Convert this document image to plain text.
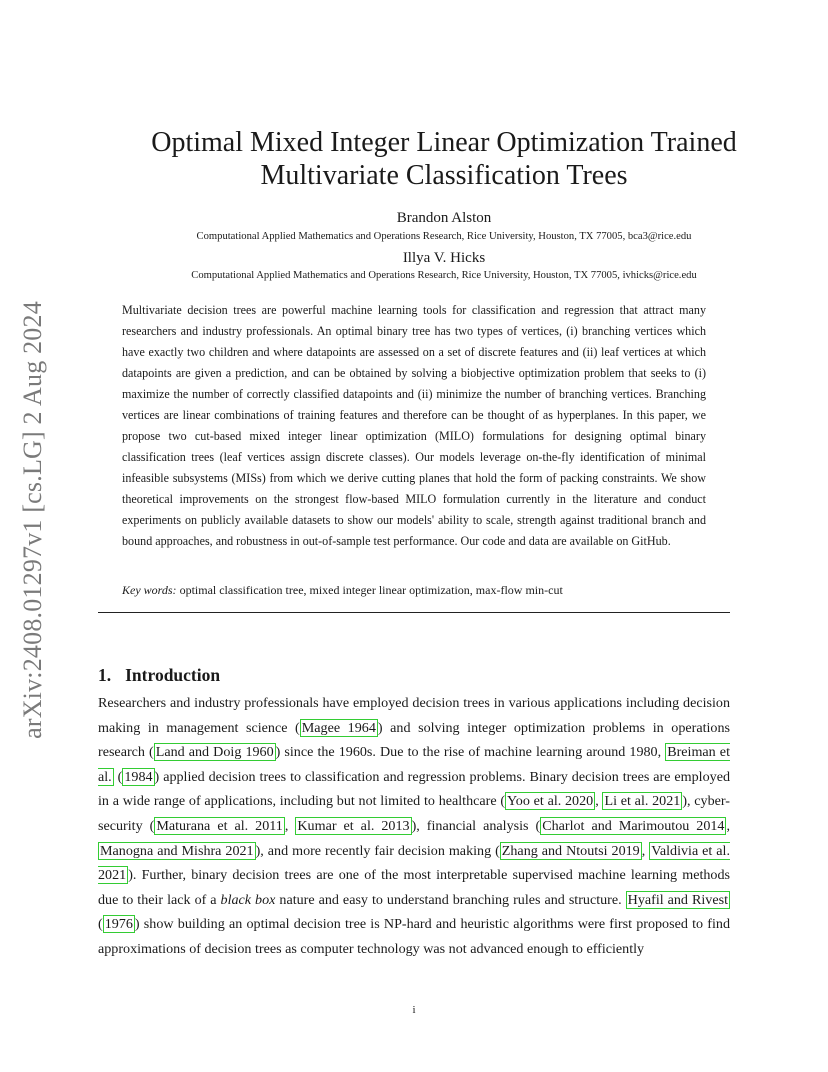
arXiv:2408.01297v1 [cs.LG] 2 Aug 2024
Optimal Mixed Integer Linear Optimization Trained
Multivariate Classification Trees
Brandon Alston
Computational Applied Mathematics and Operations Research, Rice University, Houston, TX 77005, bca3@rice.edu
Illya V. Hicks
Computational Applied Mathematics and Operations Research, Rice University, Houston, TX 77005, ivhicks@rice.edu
Multivariate decision trees are powerful machine learning tools for classification and regression that attract many researchers and industry professionals. An optimal binary tree has two types of vertices, (i) branching vertices which have exactly two children and where datapoints are assessed on a set of discrete features and (ii) leaf vertices at which datapoints are given a prediction, and can be obtained by solving a biobjective optimization problem that seeks to (i) maximize the number of correctly classified datapoints and (ii) minimize the number of branching vertices. Branching vertices are linear combinations of training features and therefore can be thought of as hyperplanes. In this paper, we propose two cut-based mixed integer linear optimization (MILO) formulations for designing optimal binary classification trees (leaf vertices assign discrete classes). Our models leverage on-the-fly identification of minimal infeasible subsystems (MISs) from which we derive cutting planes that hold the form of packing constraints. We show theoretical improvements on the strongest flow-based MILO formulation currently in the literature and conduct experiments on publicly available datasets to show our models' ability to scale, strength against traditional branch and bound approaches, and robustness in out-of-sample test performance. Our code and data are available on GitHub.
Key words: optimal classification tree, mixed integer linear optimization, max-flow min-cut
1. Introduction
Researchers and industry professionals have employed decision trees in various applications including decision making in management science ( Magee 1964 ) and solving integer optimization problems in operations research ( Land and Doig 1960 ) since the 1960s. Due to the rise of machine learning around 1980, Breiman et al. ( 1984 ) applied decision trees to classification and regression problems. Binary decision trees are employed in a wide range of applications, including but not limited to healthcare ( Yoo et al. 2020 , Li et al. 2021 ), cyber-security ( Maturana et al. 2011 , Kumar et al. 2013 ), financial analysis ( Charlot and Marimoutou 2014 , Manogna and Mishra 2021 ), and more recently fair decision making ( Zhang and Ntoutsi 2019 , Valdivia et al. 2021 ). Further, binary decision trees are one of the most interpretable supervised machine learning methods due to their lack of a black box nature and easy to understand branching rules and structure. Hyafil and Rivest ( 1976 ) show building an optimal decision tree is NP-hard and heuristic algorithms were first proposed to find approximations of decision trees as computer technology was not advanced enough to efficiently
i
